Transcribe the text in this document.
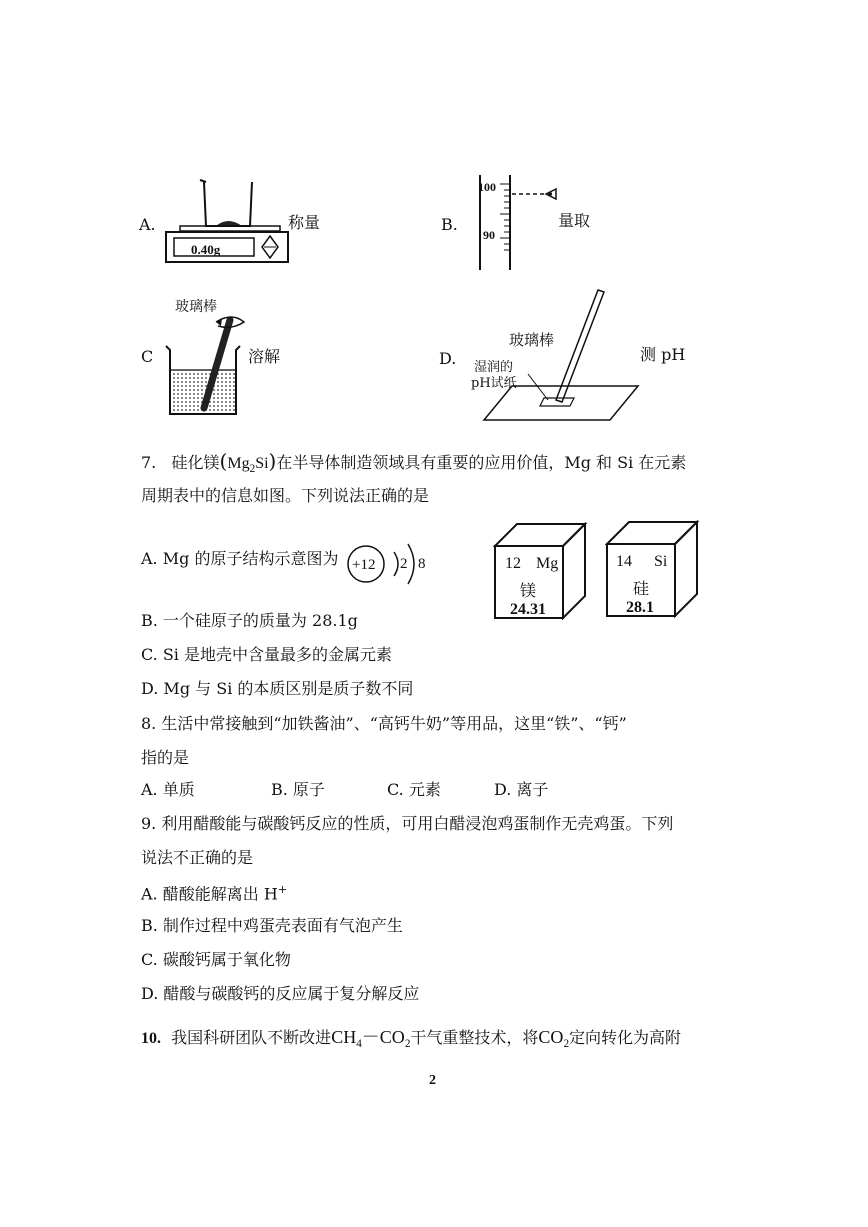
A.
0.40g
称量	B.
100
90
量取
C
玻璃棒
溶解	D.
玻璃棒
湿润的
pH试纸
测 pH
7. 硅化镁$(Mg_2Si)$在半导体制造领域具有重要的应用价值，Mg 和 Si 在元素
周期表中的信息如图。下列说法正确的是
A. Mg 的原子结构示意图为 +12 2 8	12 Mg
镁
24.31
14 Si
硅
28.1
B. 一个硅原子的质量为 28.1g
C. Si 是地壳中含量最多的金属元素
D. Mg 与 Si 的本质区别是质子数不同
8. 生活中常接触到“加铁酱油”、“高钙牛奶”等用品，这里“铁”、“钙”
指的是
A. 单质	B. 原子	C. 元素	D. 离子
9. 利用醋酸能与碳酸钙反应的性质，可用白醋浸泡鸡蛋制作无壳鸡蛋。下列
说法不正确的是
A. 醋酸能解离出 H+
B. 制作过程中鸡蛋壳表面有气泡产生
C. 碳酸钙属于氧化物
D. 醋酸与碳酸钙的反应属于复分解反应
10. 我国科研团队不断改进$CH_4-CO_2$干气重整技术，将$CO_2$定向转化为高附
2
